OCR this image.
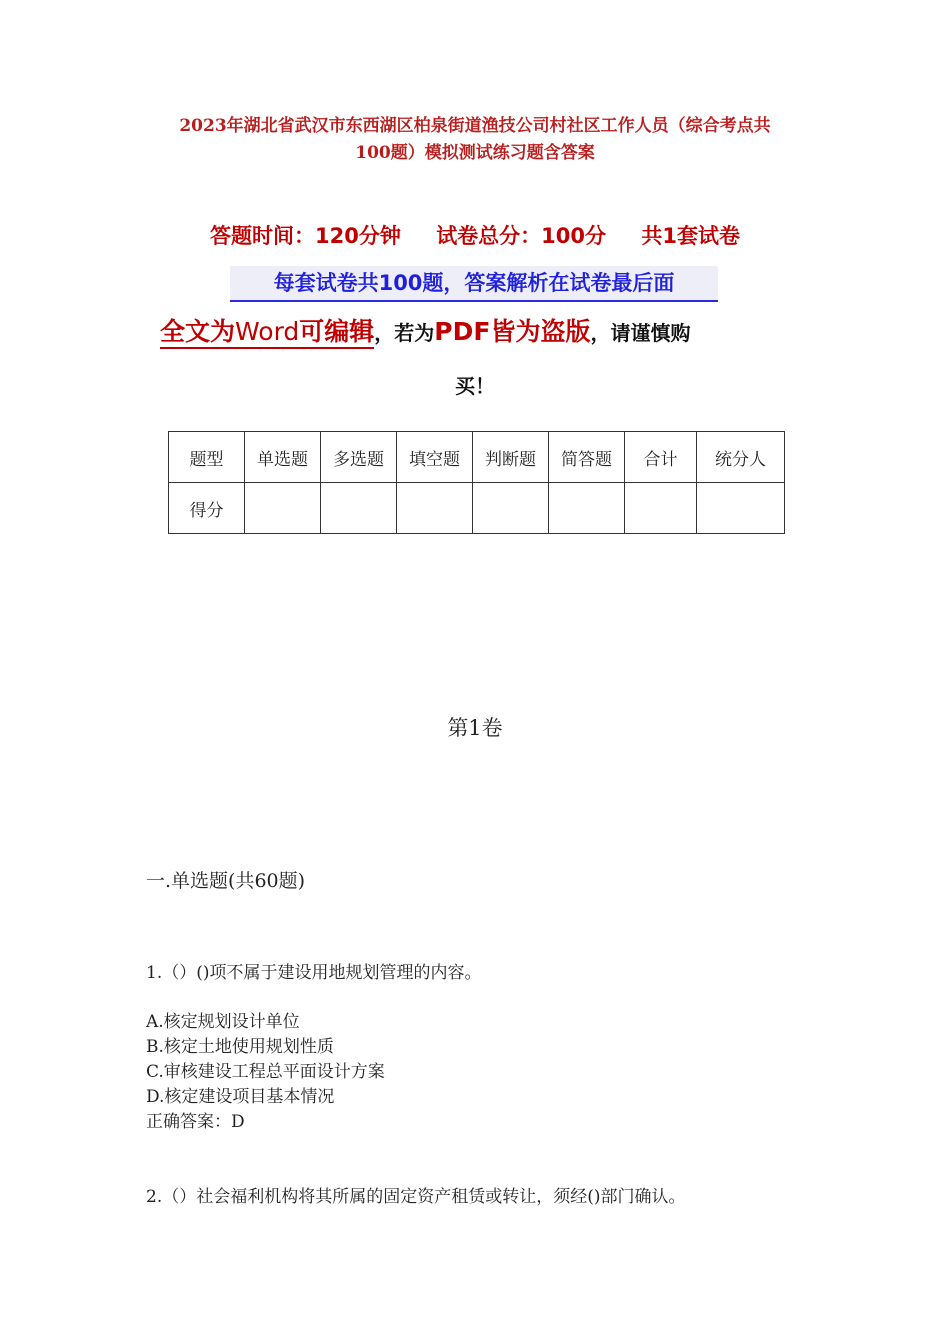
2023年湖北省武汉市东西湖区柏泉街道渔技公司村社区工作人员（综合考点共
100题）模拟测试练习题含答案
答题时间：120分钟 试卷总分：100分 共1套试卷
每套试卷共100题，答案解析在试卷最后面
全文为Word可编辑，若为PDF皆为盗版，请谨慎购
买！
题型	单选题	多选题	填空题	判断题	简答题	合计	统分人
得分							
第1卷
一.单选题(共60题)
1.（）()项不属于建设用地规划管理的内容。
A.核定规划设计单位
B.核定土地使用规划性质
C.审核建设工程总平面设计方案
D.核定建设项目基本情况
正确答案：D
2.（）社会福利机构将其所属的固定资产租赁或转让，须经()部门确认。
